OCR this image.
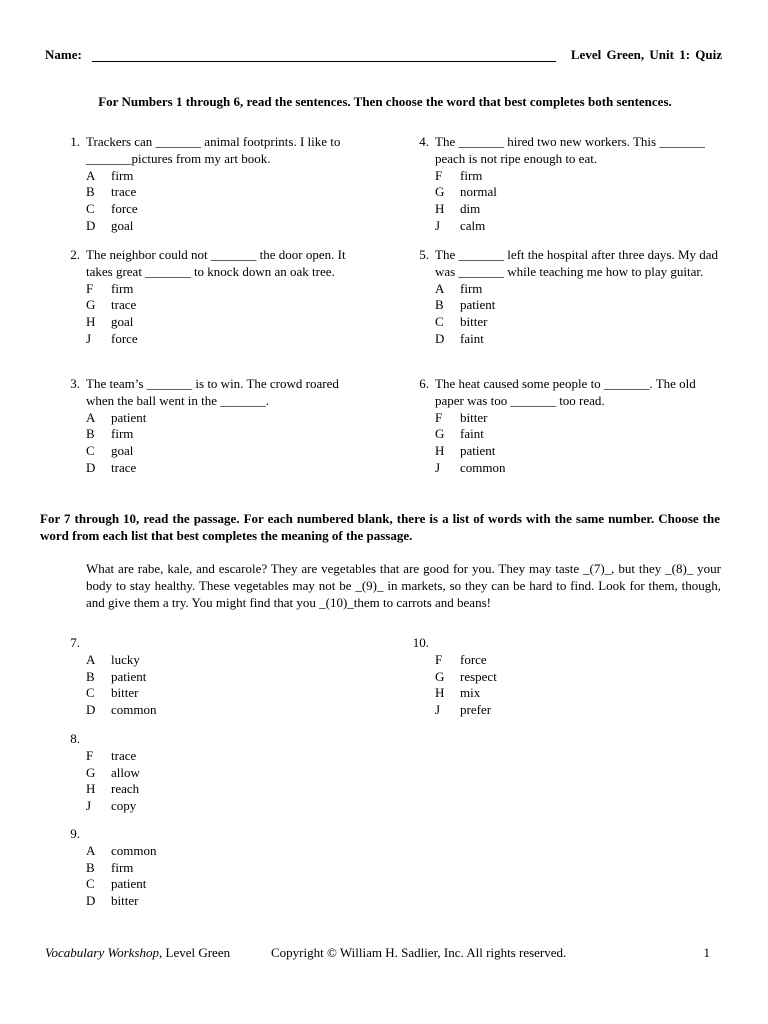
Name:	Level Green, Unit 1: Quiz
For Numbers 1 through 6, read the sentences. Then choose the word that best completes both sentences.
1. Trackers can _______ animal footprints. I like to _______pictures from my art book.
A	firm
B	trace
C	force
D	goal
2. The neighbor could not _______ the door open. It takes great _______ to knock down an oak tree.
F	firm
G	trace
H	goal
J	force
3. The team’s _______ is to win. The crowd roared when the ball went in the _______.
A	patient
B	firm
C	goal
D	trace
4. The _______ hired two new workers. This _______ peach is not ripe enough to eat.
F	firm
G	normal
H	dim
J	calm
5. The _______ left the hospital after three days. My dad was _______ while teaching me how to play guitar.
A	firm
B	patient
C	bitter
D	faint
6. The heat caused some people to _______. The old paper was too _______ too read.
F	bitter
G	faint
H	patient
J	common
For 7 through 10, read the passage. For each numbered blank, there is a list of words with the same number. Choose the word from each list that best completes the meaning of the passage.
What are rabe, kale, and escarole? They are vegetables that are good for you. They may taste _(7)_, but they _(8)_ your body to stay healthy. These vegetables may not be _(9)_ in markets, so they can be hard to find. Look for them, though, and give them a try. You might find that you _(10)_them to carrots and beans!
7.
A	lucky
B	patient
C	bitter
D	common
8.
F	trace
G	allow
H	reach
J	copy
9.
A	common
B	firm
C	patient
D	bitter
10.
F	force
G	respect
H	mix
J	prefer
Vocabulary Workshop, Level Green	Copyright © William H. Sadlier, Inc. All rights reserved.	1
